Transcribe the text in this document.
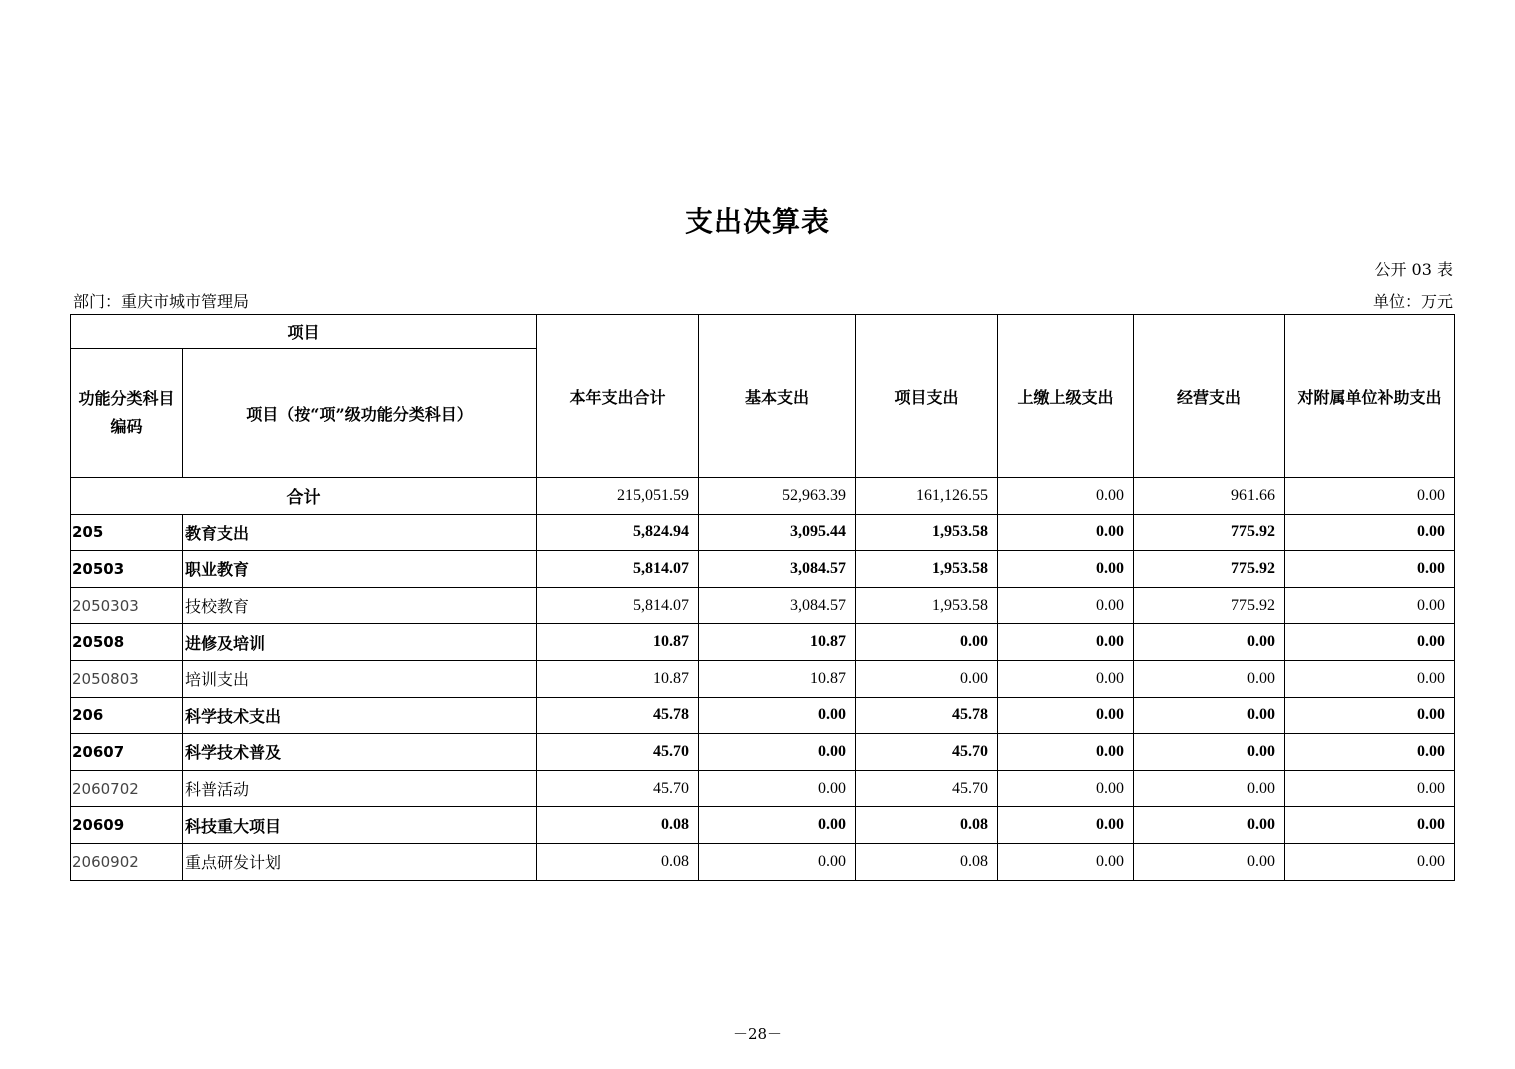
支出决算表
公开 03 表
部门：重庆市城市管理局	单位：万元
项目		本年支出合计	基本支出	项目支出	上缴上级支出	经营支出	对附属单位补助支出
功能分类科目编码	项目（按“项”级功能分类科目）						
合计		215,051.59	52,963.39	161,126.55	0.00	961.66	0.00
205	教育支出	5,824.94	3,095.44	1,953.58	0.00	775.92	0.00
20503	职业教育	5,814.07	3,084.57	1,953.58	0.00	775.92	0.00
2050303	技校教育	5,814.07	3,084.57	1,953.58	0.00	775.92	0.00
20508	进修及培训	10.87	10.87	0.00	0.00	0.00	0.00
2050803	培训支出	10.87	10.87	0.00	0.00	0.00	0.00
206	科学技术支出	45.78	0.00	45.78	0.00	0.00	0.00
20607	科学技术普及	45.70	0.00	45.70	0.00	0.00	0.00
2060702	科普活动	45.70	0.00	45.70	0.00	0.00	0.00
20609	科技重大项目	0.08	0.00	0.08	0.00	0.00	0.00
2060902	重点研发计划	0.08	0.00	0.08	0.00	0.00	0.00
－28－
